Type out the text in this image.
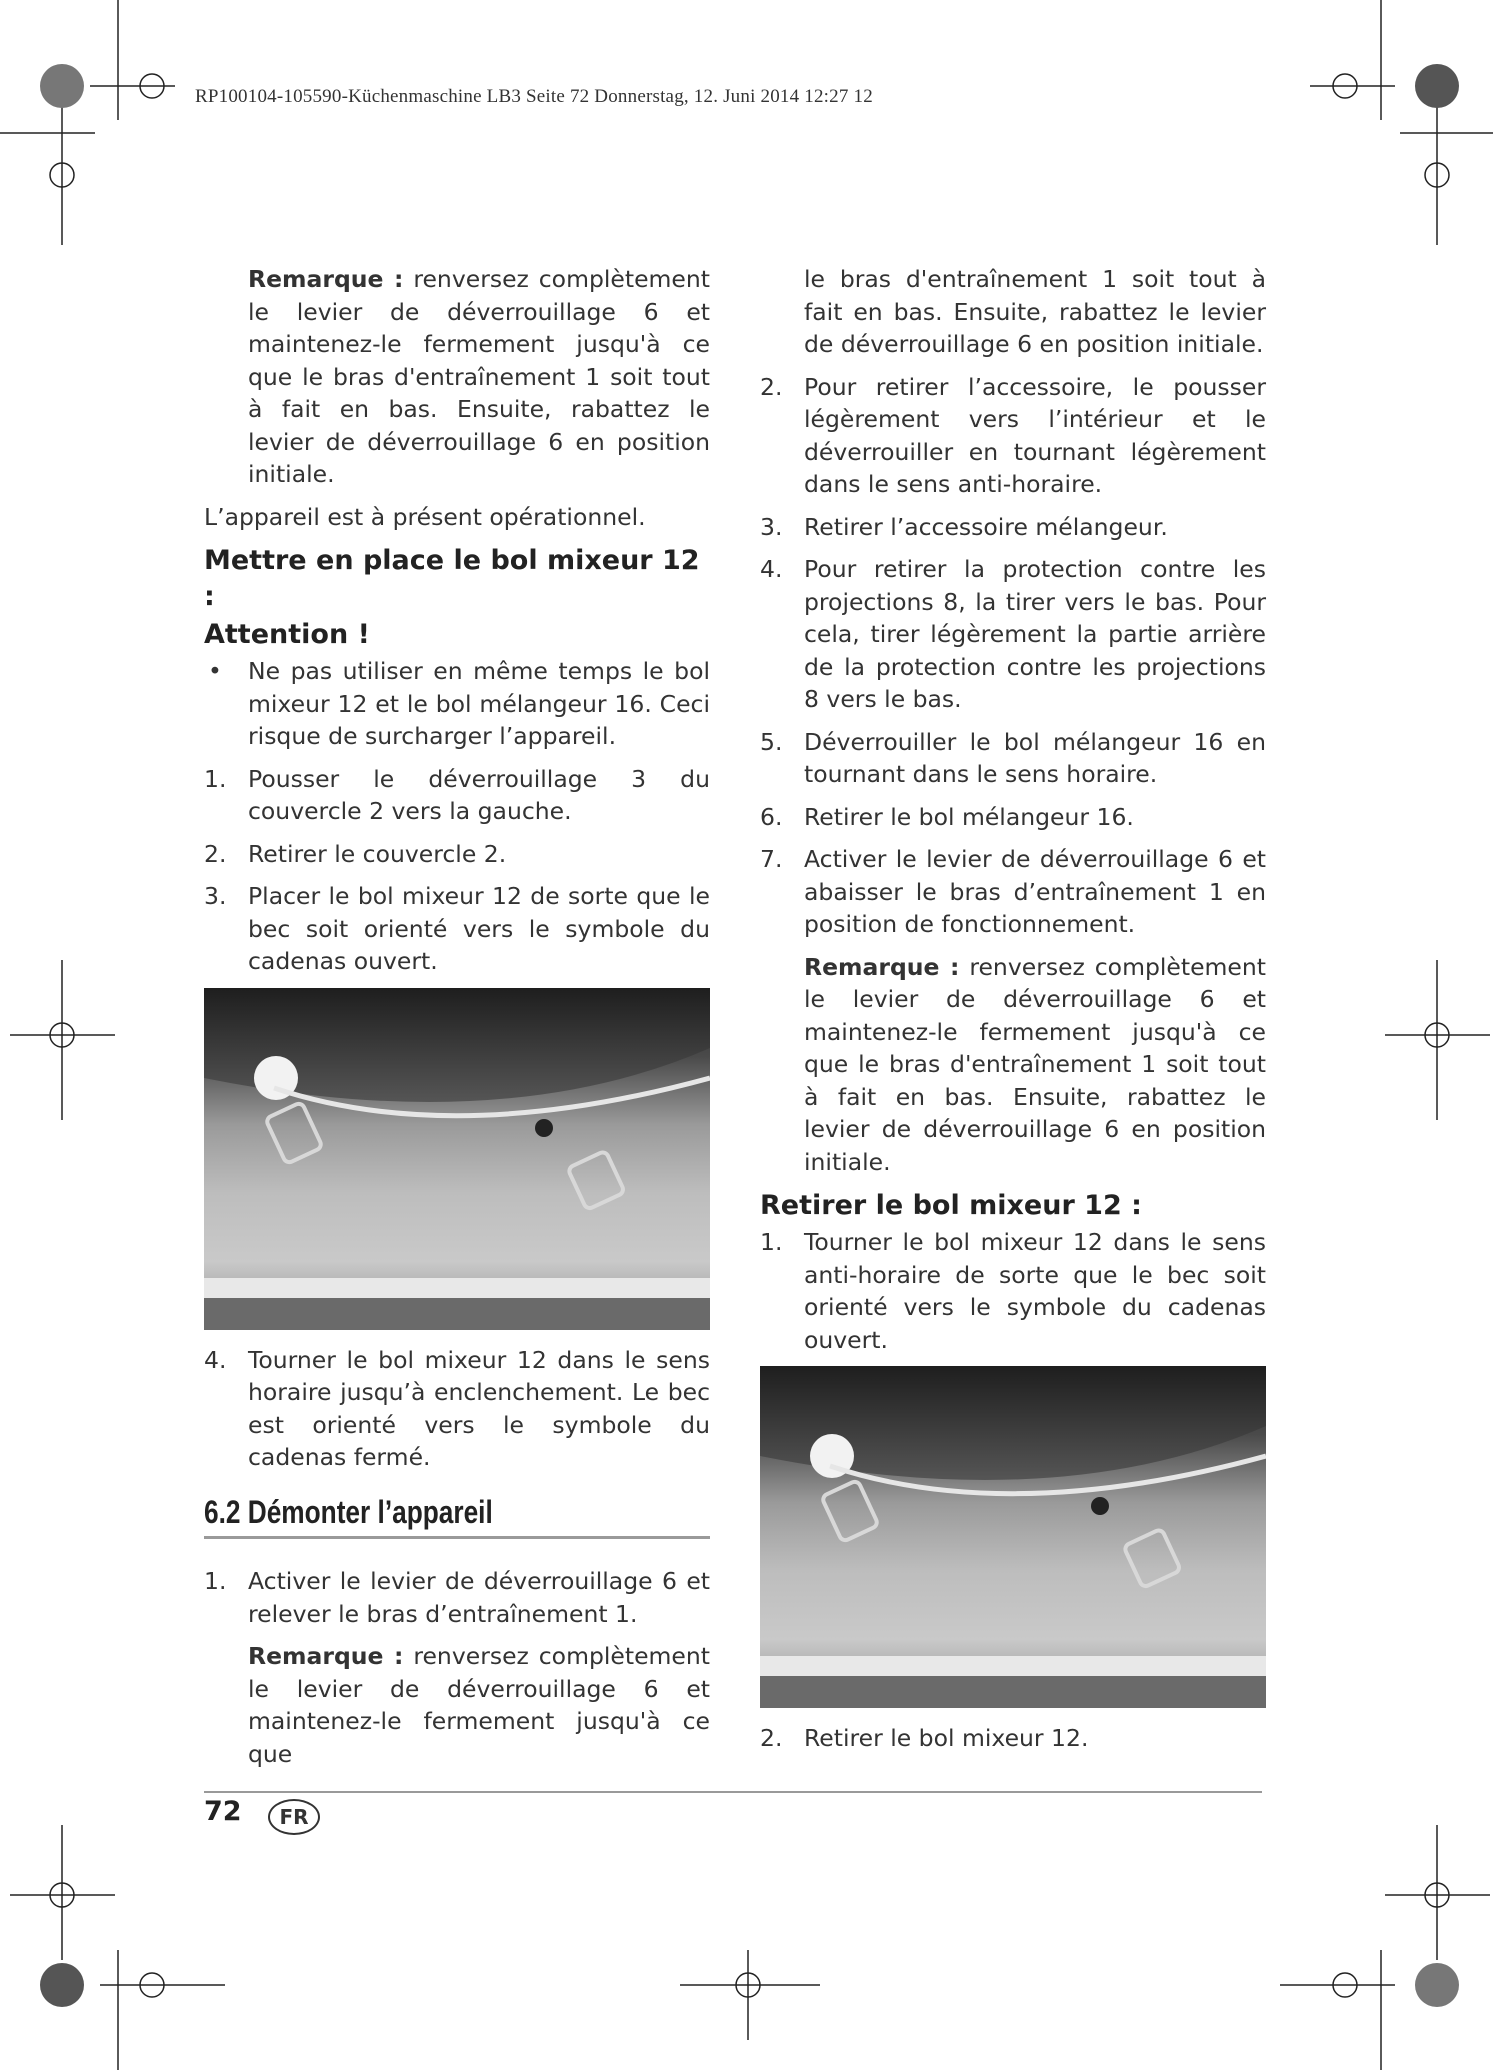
RP100104-105590-Küchenmaschine LB3 Seite 72 Donnerstag, 12. Juni 2014 12:27 12

Remarque : renversez complètement le levier de déverrouillage 6 et maintenez-le fermement jusqu'à ce que le bras d'entraînement 1 soit tout à fait en bas. Ensuite, rabattez le levier de déverrouillage 6 en position initiale.

L’appareil est à présent opérationnel.

Mettre en place le bol mixeur 12 :
Attention !
• Ne pas utiliser en même temps le bol mixeur 12 et le bol mélangeur 16. Ceci risque de surcharger l’appareil.
1. Pousser le déverrouillage 3 du couvercle 2 vers la gauche.
2. Retirer le couvercle 2.
3. Placer le bol mixeur 12 de sorte que le bec soit orienté vers le symbole du cadenas ouvert.
4. Tourner le bol mixeur 12 dans le sens horaire jusqu’à enclenchement. Le bec est orienté vers le symbole du cadenas fermé.
6.2 Démonter l’appareil
1. Activer le levier de déverrouillage 6 et relever le bras d’entraînement 1.

Remarque : renversez complètement le levier de déverrouillage 6 et maintenez-le fermement jusqu'à ce que

le bras d'entraînement 1 soit tout à fait en bas. Ensuite, rabattez le levier de déverrouillage 6 en position initiale.

2. Pour retirer l’accessoire, le pousser légèrement vers l’intérieur et le déverrouiller en tournant légèrement dans le sens anti-horaire.
3. Retirer l’accessoire mélangeur.
4. Pour retirer la protection contre les projections 8, la tirer vers le bas. Pour cela, tirer légèrement la partie arrière de la protection contre les projections 8 vers le bas.
5. Déverrouiller le bol mélangeur 16 en tournant dans le sens horaire.
6. Retirer le bol mélangeur 16.
7. Activer le levier de déverrouillage 6 et abaisser le bras d’entraînement 1 en position de fonctionnement.

Remarque : renversez complètement le levier de déverrouillage 6 et maintenez-le fermement jusqu'à ce que le bras d'entraînement 1 soit tout à fait en bas. Ensuite, rabattez le levier de déverrouillage 6 en position initiale.

Retirer le bol mixeur 12 :
1. Tourner le bol mixeur 12 dans le sens anti-horaire de sorte que le bec soit orienté vers le symbole du cadenas ouvert.
2. Retirer le bol mixeur 12.
72	FR
